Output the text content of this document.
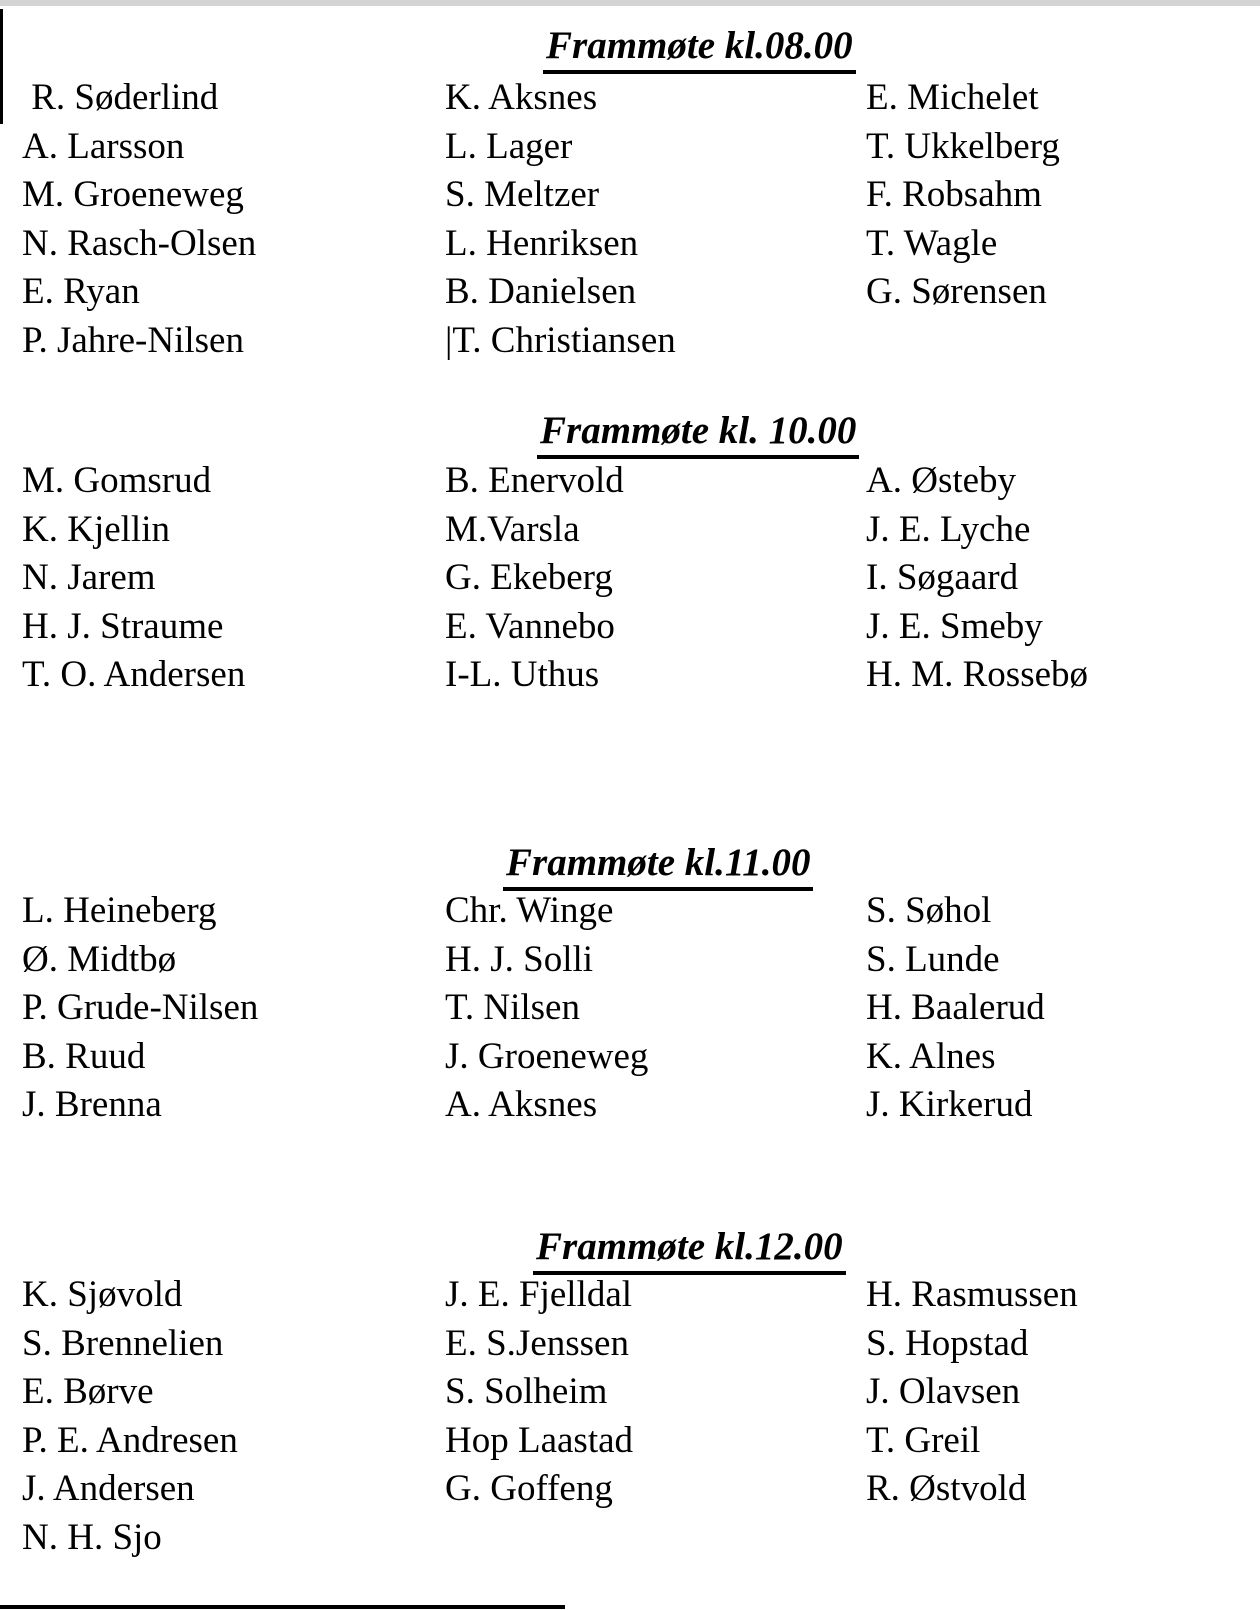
Frammøte kl.08.00
R. Søderlind
A. Larsson
M. Groeneweg
N. Rasch-Olsen
E. Ryan
P. Jahre-Nilsen
K. Aksnes
L. Lager
S. Meltzer
L. Henriksen
B. Danielsen
|T. Christiansen
E. Michelet
T. Ukkelberg
F. Robsahm
T. Wagle
G. Sørensen
Frammøte kl. 10.00
M. Gomsrud
K. Kjellin
N. Jarem
H. J. Straume
T. O. Andersen
B. Enervold
M.Varsla
G. Ekeberg
E. Vannebo
I-L. Uthus
A. Østeby
J. E. Lyche
I. Søgaard
J. E. Smeby
H. M. Rossebø
Frammøte kl.11.00
L. Heineberg
Ø. Midtbø
P. Grude-Nilsen
B. Ruud
J. Brenna
Chr. Winge
H. J. Solli
T. Nilsen
J. Groeneweg
A. Aksnes
S. Søhol
S. Lunde
H. Baalerud
K. Alnes
J. Kirkerud
Frammøte kl.12.00
K. Sjøvold
S. Brennelien
E. Børve
P. E. Andresen
J. Andersen
N. H. Sjo
J. E. Fjelldal
E. S.Jenssen
S. Solheim
Hop Laastad
G. Goffeng
H. Rasmussen
S. Hopstad
J. Olavsen
T. Greil
R. Østvold
